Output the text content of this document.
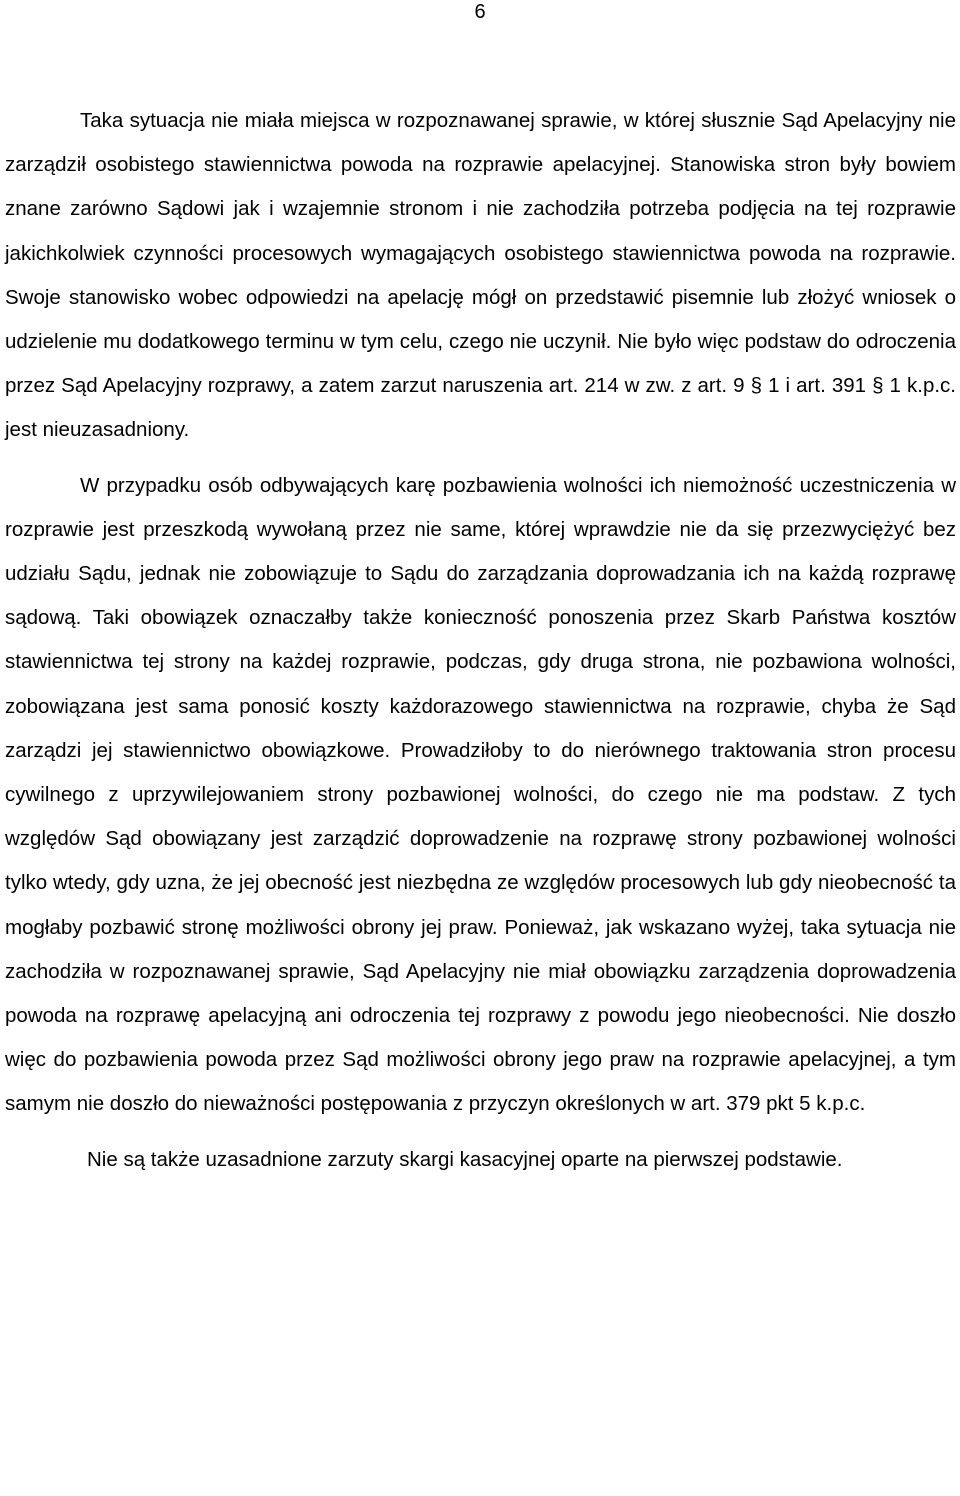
6

Taka sytuacja nie miała miejsca w rozpoznawanej sprawie, w której słusznie Sąd Apelacyjny nie zarządził osobistego stawiennictwa powoda na rozprawie apelacyjnej. Stanowiska stron były bowiem znane zarówno Sądowi jak i wzajemnie stronom i nie zachodziła potrzeba podjęcia na tej rozprawie jakichkolwiek czynności procesowych wymagających osobistego stawiennictwa powoda na rozprawie. Swoje stanowisko wobec odpowiedzi na apelację mógł on przedstawić pisemnie lub złożyć wniosek o udzielenie mu dodatkowego terminu w tym celu, czego nie uczynił. Nie było więc podstaw do odroczenia przez Sąd Apelacyjny rozprawy, a zatem zarzut naruszenia art. 214 w zw. z art. 9 § 1 i art. 391 § 1 k.p.c. jest nieuzasadniony.

W przypadku osób odbywających karę pozbawienia wolności ich niemożność uczestniczenia w rozprawie jest przeszkodą wywołaną przez nie same, której wprawdzie nie da się przezwyciężyć bez udziału Sądu, jednak nie zobowiązuje to Sądu do zarządzania doprowadzania ich na każdą rozprawę sądową. Taki obowiązek oznaczałby także konieczność ponoszenia przez Skarb Państwa kosztów stawiennictwa tej strony na każdej rozprawie, podczas, gdy druga strona, nie pozbawiona wolności, zobowiązana jest sama ponosić koszty każdorazowego stawiennictwa na rozprawie, chyba że Sąd zarządzi jej stawiennictwo obowiązkowe. Prowadziłoby to do nierównego traktowania stron procesu cywilnego z uprzywilejowaniem strony pozbawionej wolności, do czego nie ma podstaw. Z tych względów Sąd obowiązany jest zarządzić doprowadzenie na rozprawę strony pozbawionej wolności tylko wtedy, gdy uzna, że jej obecność jest niezbędna ze względów procesowych lub gdy nieobecność ta mogłaby pozbawić stronę możliwości obrony jej praw. Ponieważ, jak wskazano wyżej, taka sytuacja nie zachodziła w rozpoznawanej sprawie, Sąd Apelacyjny nie miał obowiązku zarządzenia doprowadzenia powoda na rozprawę apelacyjną ani odroczenia tej rozprawy z powodu jego nieobecności. Nie doszło więc do pozbawienia powoda przez Sąd możliwości obrony jego praw na rozprawie apelacyjnej, a tym samym nie doszło do nieważności postępowania z przyczyn określonych w art. 379 pkt 5 k.p.c.

Nie są także uzasadnione zarzuty skargi kasacyjnej oparte na pierwszej podstawie.
